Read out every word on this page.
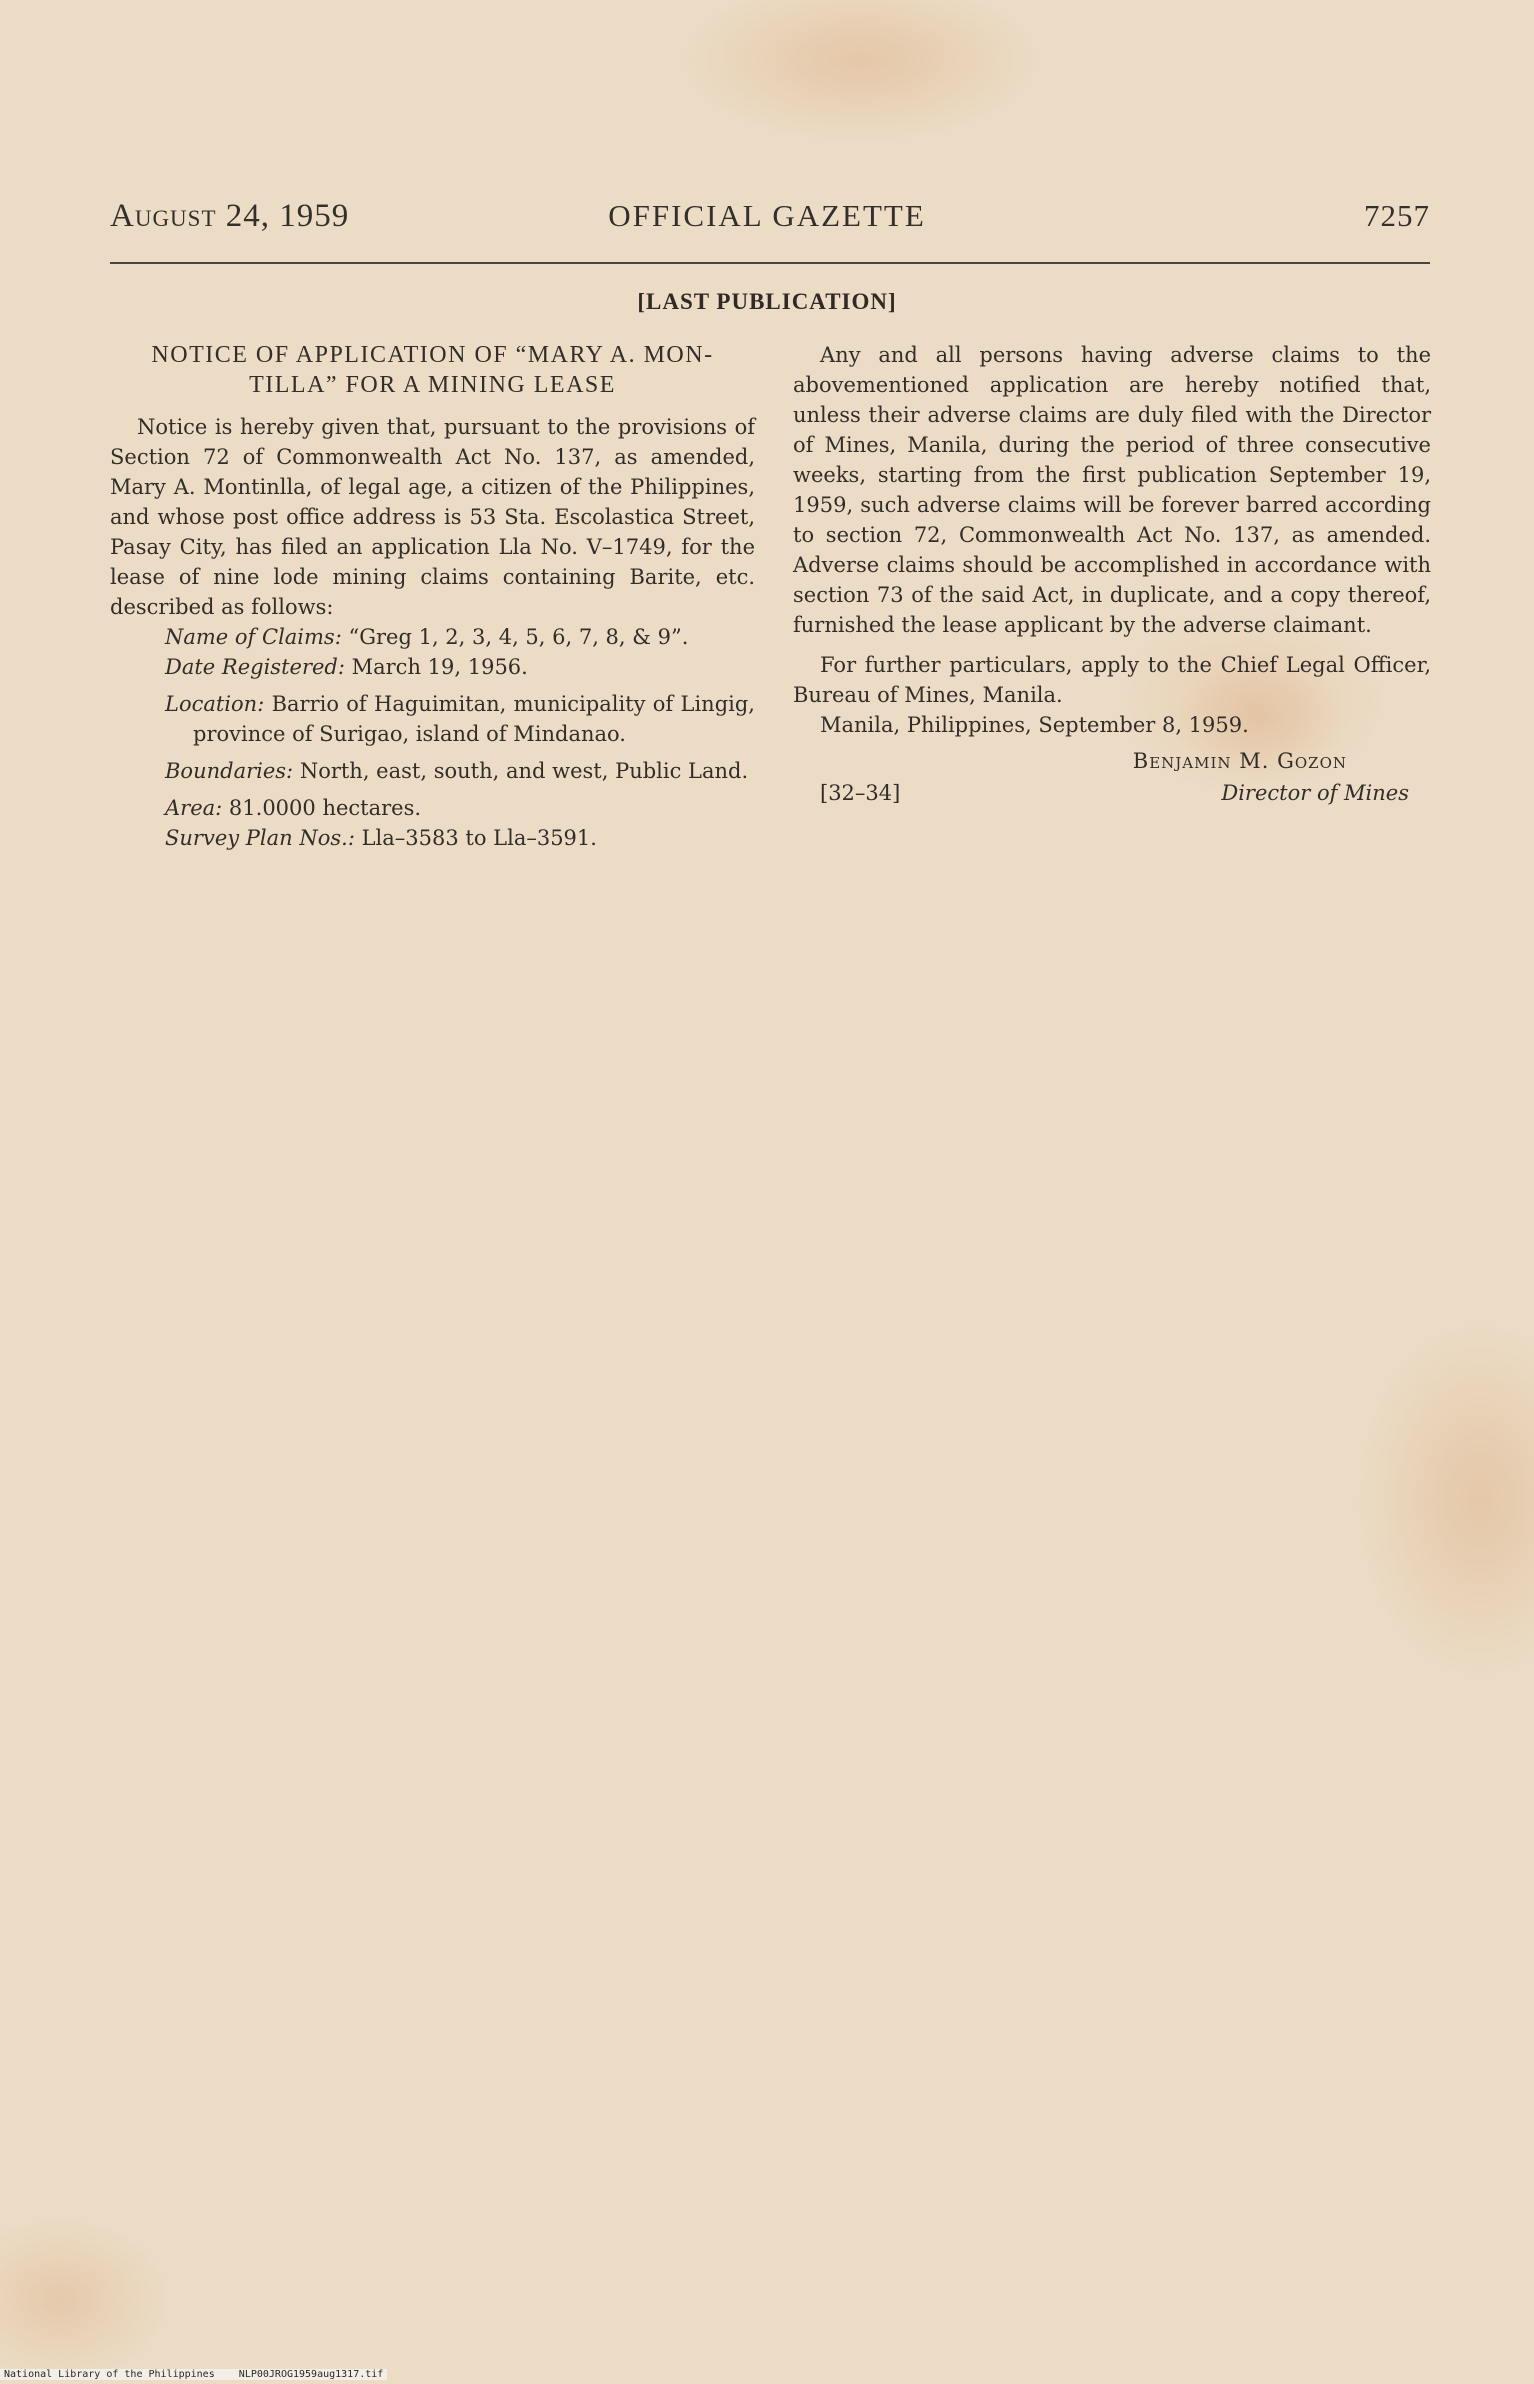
OFFICIAL GAZETTE
August 24, 1959	7257
[LAST PUBLICATION]
NOTICE OF APPLICATION OF “MARY A. MON-
TILLA” FOR A MINING LEASE

Notice is hereby given that, pursuant to the provisions of Section 72 of Commonwealth Act No. 137, as amended, Mary A. Montinlla, of legal age, a citizen of the Philippines, and whose post office address is 53 Sta. Escolastica Street, Pasay City, has filed an application Lla No. V–1749, for the lease of nine lode mining claims containing Barite, etc. described as follows:

Name of Claims: “Greg 1, 2, 3, 4, 5, 6, 7, 8, & 9”.
Date Registered: March 19, 1956.
Location: Barrio of Haguimitan, municipality of Lingig, province of Surigao, island of Mindanao.
Boundaries: North, east, south, and west, Public Land.
Area: 81.0000 hectares.
Survey Plan Nos.: Lla–3583 to Lla–3591.

Any and all persons having adverse claims to the abovementioned application are hereby notified that, unless their adverse claims are duly filed with the Director of Mines, Manila, during the period of three consecutive weeks, starting from the first publication September 19, 1959, such adverse claims will be forever barred according to section 72, Commonwealth Act No. 137, as amended. Adverse claims should be accomplished in accordance with section 73 of the said Act, in duplicate, and a copy thereof, furnished the lease applicant by the adverse claimant.

For further particulars, apply to the Chief Legal Officer, Bureau of Mines, Manila.

Manila, Philippines, September 8, 1959.

Benjamin M. Gozon
[32–34]	Director of Mines
National Library of the Philippines    NLP00JROG1959aug1317.tif
